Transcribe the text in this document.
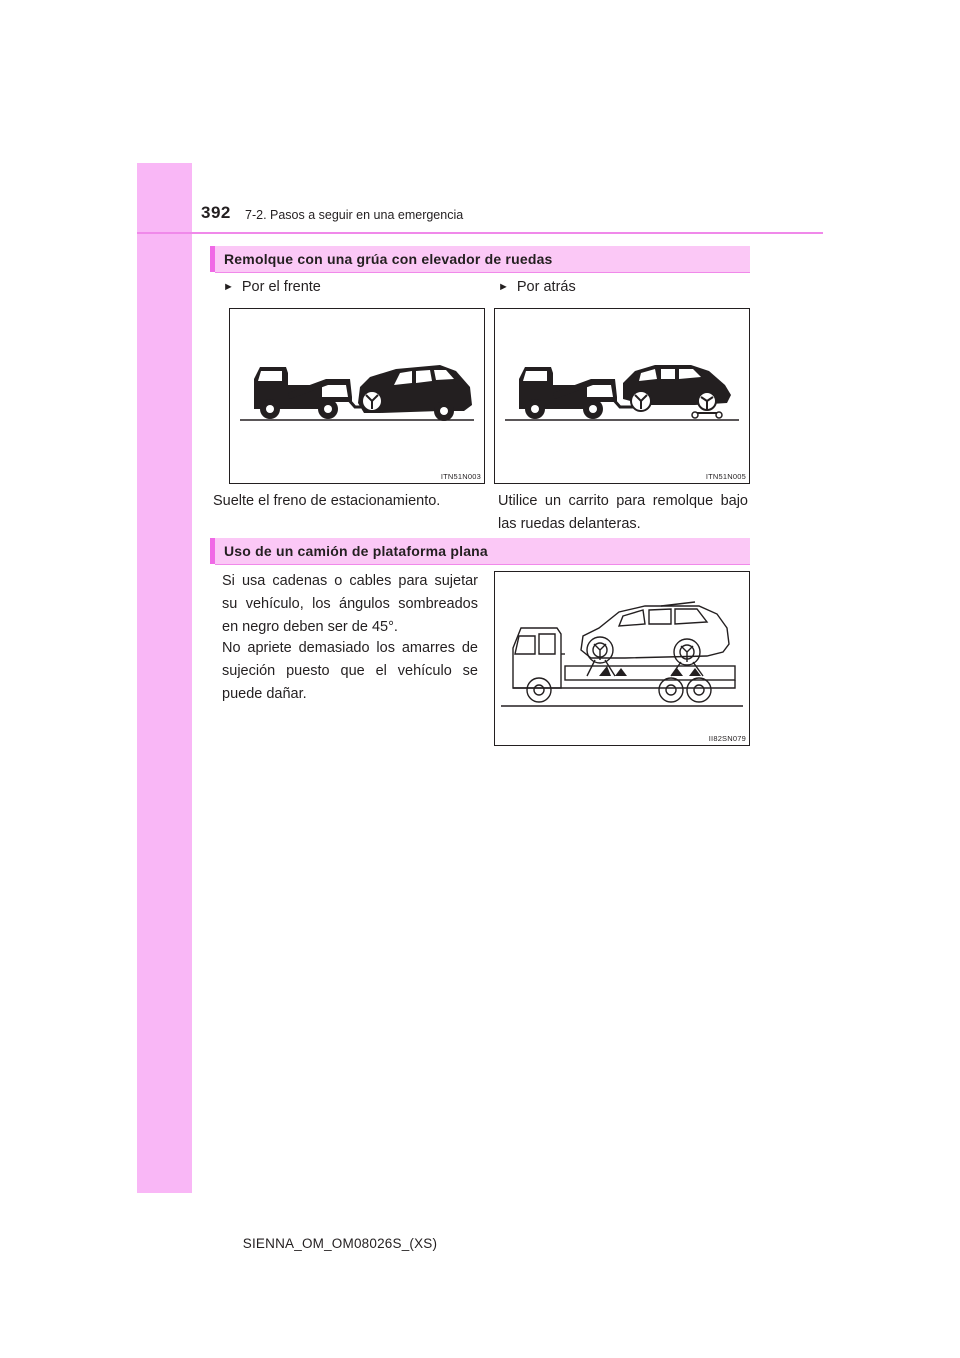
392 7-2. Pasos a seguir en una emergencia
Remolque con una grúa con elevador de ruedas
► Por el frente	► Por atrás
ITN51N003	ITN51N005
Suelte el freno de estacionamiento.	Utilice un carrito para remolque bajo las ruedas delanteras.
Uso de un camión de plataforma plana
Si usa cadenas o cables para sujetar su vehículo, los ángulos sombreados en negro deben ser de 45°.
No apriete demasiado los amarres de sujeción puesto que el vehículo se puede dañar.
II82SN079
SIENNA_OM_OM08026S_(XS)
